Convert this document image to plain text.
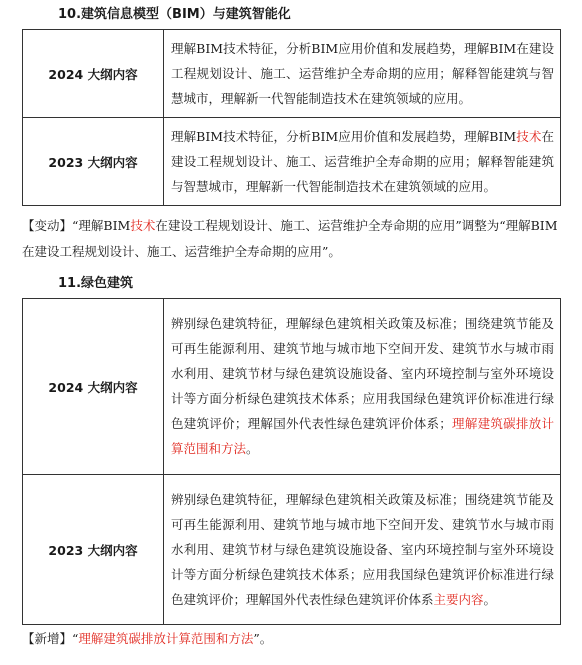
10.建筑信息模型（BIM）与建筑智能化
2024 大纲内容	理解BIM技术特征，分析BIM应用价值和发展趋势，理解BIM在建设工程规划设计、施工、运营维护全寿命期的应用；解释智能建筑与智慧城市，理解新一代智能制造技术在建筑领域的应用。
2023 大纲内容	理解BIM技术特征，分析BIM应用价值和发展趋势，理解BIM技术在建设工程规划设计、施工、运营维护全寿命期的应用；解释智能建筑与智慧城市，理解新一代智能制造技术在建筑领域的应用。
【变动】“理解BIM技术在建设工程规划设计、施工、运营维护全寿命期的应用”调整为“理解BIM在建设工程规划设计、施工、运营维护全寿命期的应用”。
11.绿色建筑
2024 大纲内容	辨别绿色建筑特征，理解绿色建筑相关政策及标准；围绕建筑节能及可再生能源利用、建筑节地与城市地下空间开发、建筑节水与城市雨水利用、建筑节材与绿色建筑设施设备、室内环境控制与室外环境设计等方面分析绿色建筑技术体系；应用我国绿色建筑评价标准进行绿色建筑评价；理解国外代表性绿色建筑评价体系；理解建筑碳排放计算范围和方法。
2023 大纲内容	辨别绿色建筑特征，理解绿色建筑相关政策及标准；围绕建筑节能及可再生能源利用、建筑节地与城市地下空间开发、建筑节水与城市雨水利用、建筑节材与绿色建筑设施设备、室内环境控制与室外环境设计等方面分析绿色建筑技术体系；应用我国绿色建筑评价标准进行绿色建筑评价；理解国外代表性绿色建筑评价体系主要内容。
【新增】“理解建筑碳排放计算范围和方法”。
